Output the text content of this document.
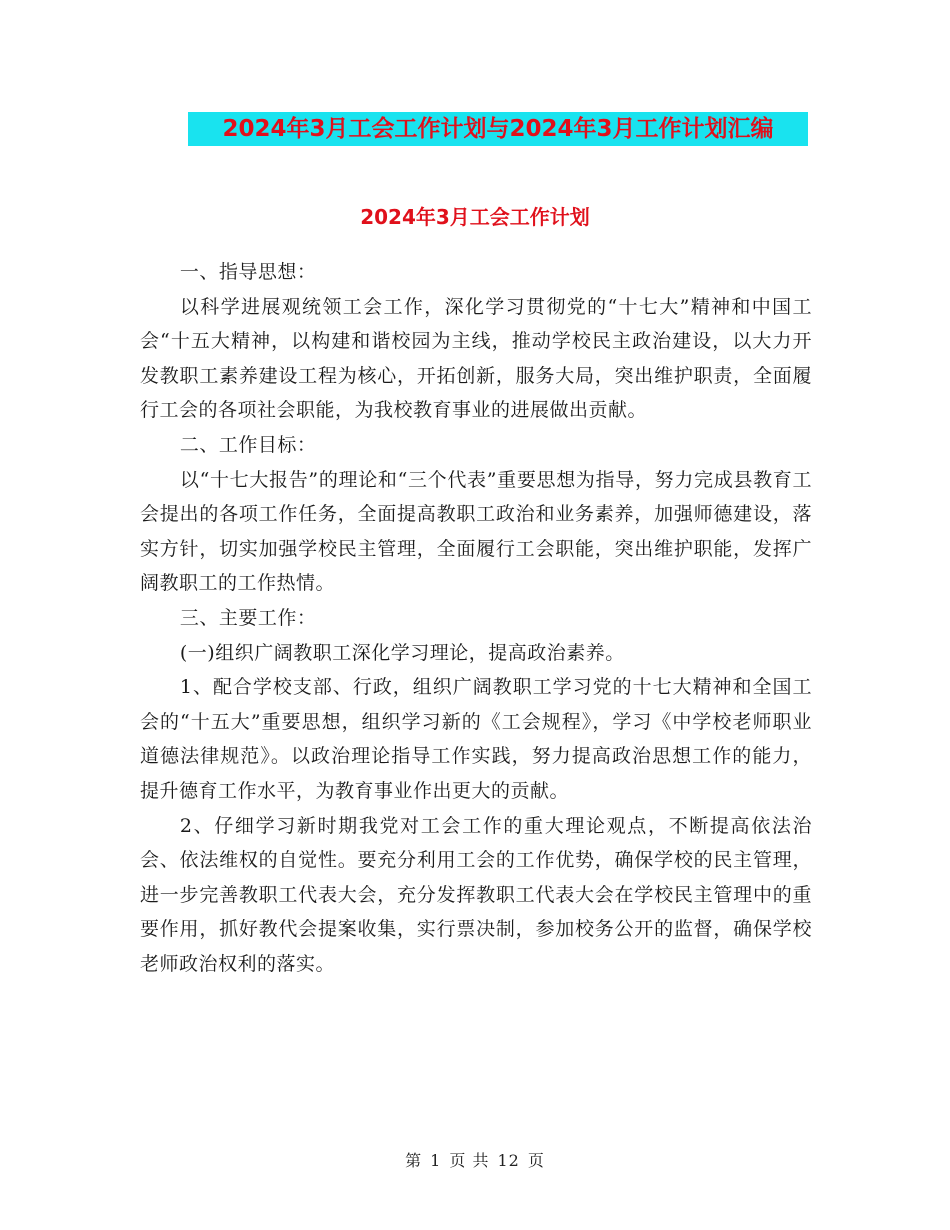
2024年3月工会工作计划与2024年3月工作计划汇编
2024年3月工会工作计划

一、指导思想：

以科学进展观统领工会工作，深化学习贯彻党的“十七大”精神和中国工会“十五大精神，以构建和谐校园为主线，推动学校民主政治建设，以大力开发教职工素养建设工程为核心，开拓创新，服务大局，突出维护职责，全面履行工会的各项社会职能，为我校教育事业的进展做出贡献。

二、工作目标：

以“十七大报告”的理论和“三个代表”重要思想为指导，努力完成县教育工会提出的各项工作任务，全面提高教职工政治和业务素养，加强师德建设，落实方针，切实加强学校民主管理，全面履行工会职能，突出维护职能，发挥广阔教职工的工作热情。

三、主要工作：

(一)组织广阔教职工深化学习理论，提高政治素养。

1、配合学校支部、行政，组织广阔教职工学习党的十七大精神和全国工会的“十五大”重要思想，组织学习新的《工会规程》，学习《中学校老师职业道德法律规范》。以政治理论指导工作实践，努力提高政治思想工作的能力，提升德育工作水平，为教育事业作出更大的贡献。

2、仔细学习新时期我党对工会工作的重大理论观点，不断提高依法治会、依法维权的自觉性。要充分利用工会的工作优势，确保学校的民主管理，进一步完善教职工代表大会，充分发挥教职工代表大会在学校民主管理中的重要作用，抓好教代会提案收集，实行票决制，参加校务公开的监督，确保学校老师政治权利的落实。

第 1 页 共 12 页
